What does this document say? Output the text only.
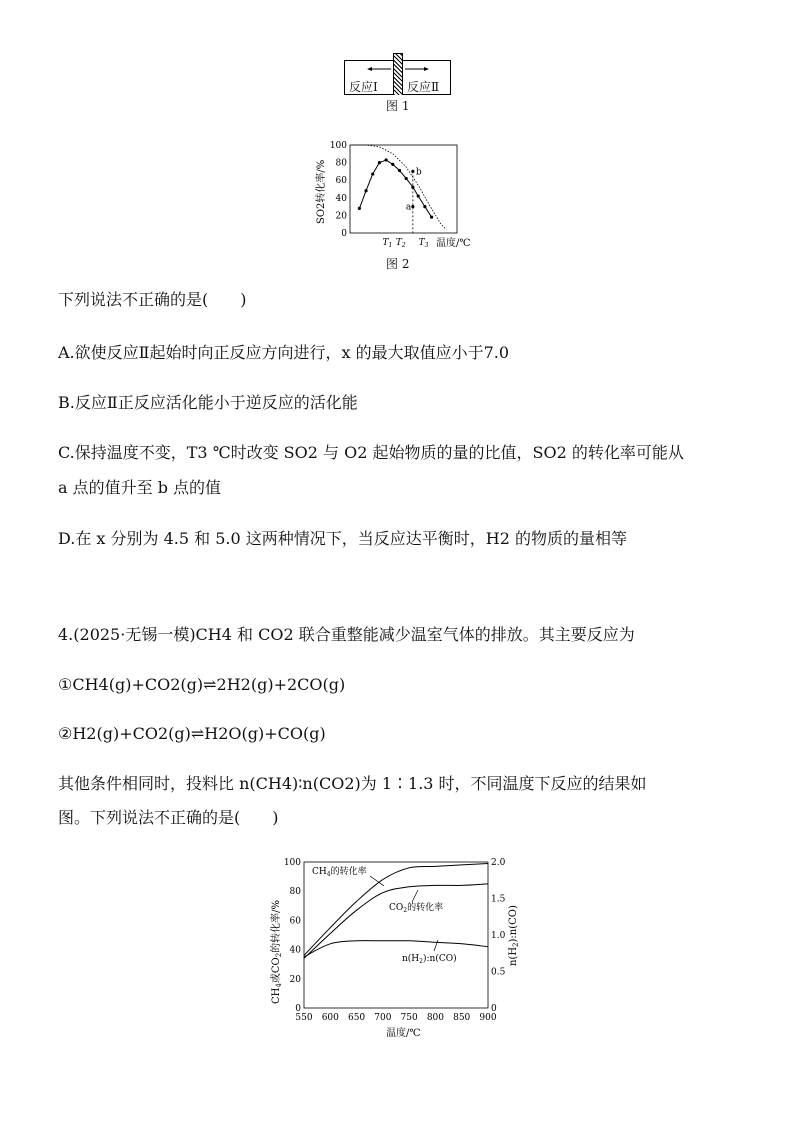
反应Ⅰ 反应Ⅱ
图 1
SO2转化率/%
0
20
40
60
80
100
$T_1$ $T_2$ $T_3$
a
b
温度/℃
图 2
下列说法不正确的是(　　)
A.欲使反应Ⅱ起始时向正反应方向进行，x 的最大取值应小于7.0
B.反应Ⅱ正反应活化能小于逆反应的活化能
C.保持温度不变，T3 ℃时改变 SO2 与 O2 起始物质的量的比值，SO2 的转化率可能从
a 点的值升至 b 点的值
D.在 x 分别为 4.5 和 5.0 这两种情况下，当反应达平衡时，H2 的物质的量相等
4.(2025·无锡一模)CH4 和 CO2 联合重整能减少温室气体的排放。其主要反应为
①CH4(g)+CO2(g)⇌2H2(g)+2CO(g)
②H2(g)+CO2(g)⇌H2O(g)+CO(g)
其他条件相同时，投料比 n(CH4)∶n(CO2)为 1∶1.3 时，不同温度下反应的结果如
图。下列说法不正确的是(　　)
$CH_4$或$CO_2$的转化率/%
$n(H_2):n(CO)$
0
20
40
60
80
100
0
0.5
1.0
1.5
2.0
550 600 650 700 750 800 850 900
$CH_4$的转化率
$CO_2$的转化率
$n(H_2):n(CO)$
温度/℃
